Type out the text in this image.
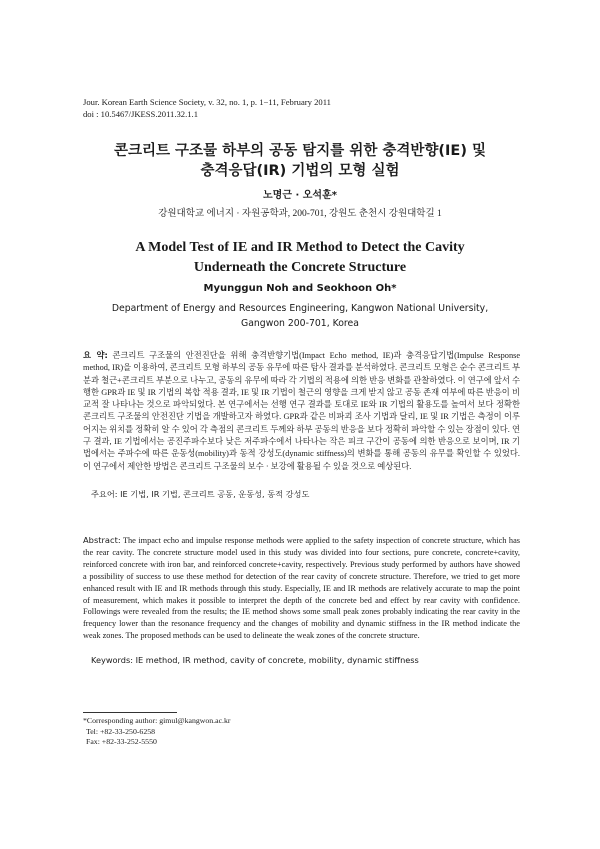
Jour. Korean Earth Science Society, v. 32, no. 1, p. 1−11, February 2011
doi : 10.5467/JKESS.2011.32.1.1
콘크리트 구조물 하부의 공동 탐지를 위한 충격반향(IE) 및
충격응답(IR) 기법의 모형 실험
노명근 · 오석훈*
강원대학교 에너지 · 자원공학과, 200-701, 강원도 춘천시 강원대학길 1
A Model Test of IE and IR Method to Detect the Cavity
Underneath the Concrete Structure
Myunggun Noh and Seokhoon Oh*
Department of Energy and Resources Engineering, Kangwon National University,
Gangwon 200-701, Korea
요 약: 콘크리트 구조물의 안전진단을 위해 충격반향기법(Impact Echo method, IE)과 충격응답기법(Impulse Response method, IR)을 이용하여, 콘크리트 모형 하부의 공동 유무에 따른 탐사 결과를 분석하였다. 콘크리트 모형은 순수 콘크리트 부분과 철근+콘크리트 부분으로 나누고, 공동의 유무에 따라 각 기법의 적용에 의한 반응 변화를 관찰하였다. 이 연구에 앞서 수행한 GPR과 IE 및 IR 기법의 복합 적용 결과, IE 및 IR 기법이 철근의 영향을 크게 받지 않고 공동 존재 여부에 따른 반응이 비교적 잘 나타나는 것으로 파악되었다. 본 연구에서는 선행 연구 결과를 토대로 IE와 IR 기법의 활용도를 높여서 보다 정확한 콘크리트 구조물의 안전진단 기법을 개발하고자 하였다. GPR과 같은 비파괴 조사 기법과 달리, IE 및 IR 기법은 측정이 이루어지는 위치를 정확히 알 수 있어 각 측점의 콘크리트 두께와 하부 공동의 반응을 보다 정확히 파악할 수 있는 장점이 있다. 연구 결과, IE 기법에서는 공진주파수보다 낮은 저주파수에서 나타나는 작은 피크 구간이 공동에 의한 반응으로 보이며, IR 기법에서는 주파수에 따른 운동성(mobility)과 동적 강성도(dynamic stiffness)의 변화를 통해 공동의 유무를 확인할 수 있었다. 이 연구에서 제안한 방법은 콘크리트 구조물의 보수 · 보강에 활용될 수 있을 것으로 예상된다.
주요어: IE 기법, IR 기법, 콘크리트 공동, 운동성, 동적 강성도
Abstract: The impact echo and impulse response methods were applied to the safety inspection of concrete structure, which has the rear cavity. The concrete structure model used in this study was divided into four sections, pure concrete, concrete+cavity, reinforced concrete with iron bar, and reinforced concrete+cavity, respectively. Previous study performed by authors have showed a possibility of success to use these method for detection of the rear cavity of concrete structure. Therefore, we tried to get more enhanced result with IE and IR methods through this study. Especially, IE and IR methods are relatively accurate to map the point of measurement, which makes it possible to interpret the depth of the concrete bed and effect by rear cavity with confidence. Followings were revealed from the results; the IE method shows some small peak zones probably indicating the rear cavity in the frequency lower than the resonance frequency and the changes of mobility and dynamic stiffness in the IR method indicate the weak zones. The proposed methods can be used to delineate the weak zones of the concrete structure.
Keywords: IE method, IR method, cavity of concrete, mobility, dynamic stiffness
*Corresponding author: gimul@kangwon.ac.kr
Tel: +82-33-250-6258
Fax: +82-33-252-5550
